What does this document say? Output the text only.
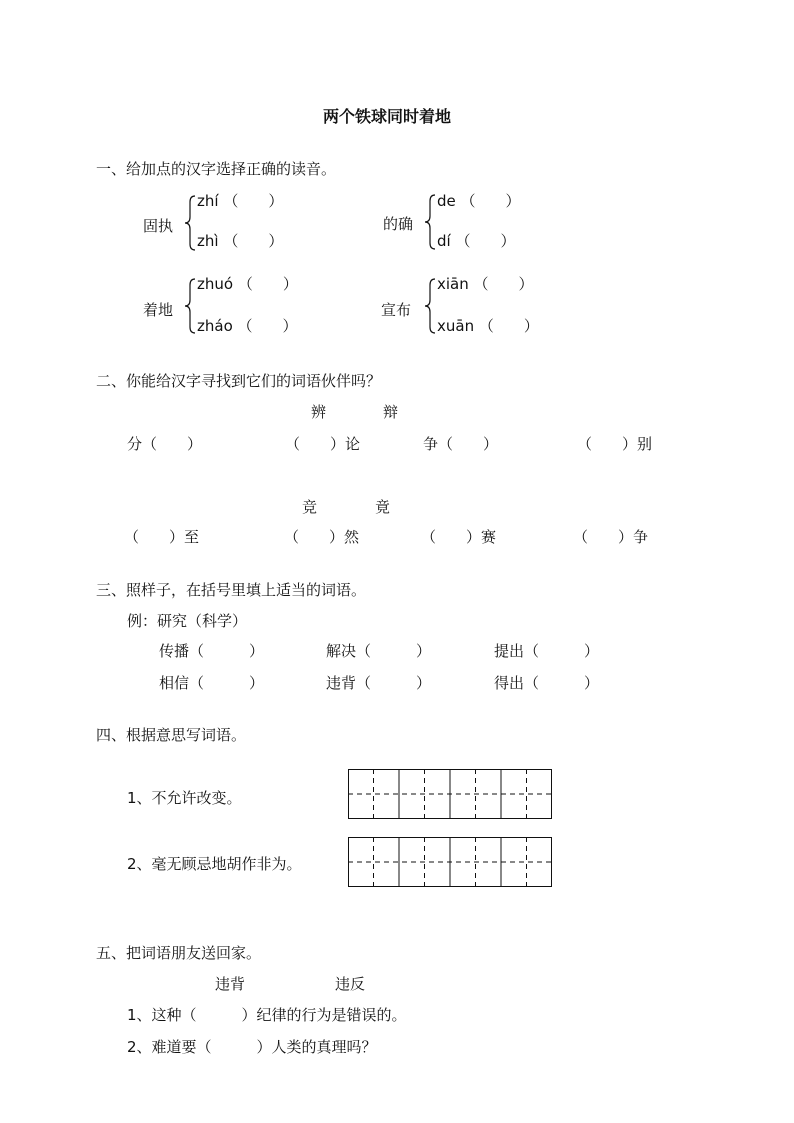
两个铁球同时着地
一、给加点的汉字选择正确的读音。
固执
zhí （　　）
zhì （　　）
的确
de （　　）
dí （　　）
着地
zhuó （　　）
zháo （　　）
宣布
xiān （　　）
xuān （　　）
二、你能给汉字寻找到它们的词语伙伴吗？
辨	辩
分（　　）	（　　）论	争（　　）	（　　）别
竞	竟
（　　）至	（　　）然	（　　）赛	（　　）争
三、照样子，在括号里填上适当的词语。
例：研究（科学）
传播（　　　）	解决（　　　）	提出（　　　）
相信（　　　）	违背（　　　）	得出（　　　）
四、根据意思写词语。
1、不允许改变。
2、毫无顾忌地胡作非为。
五、把词语朋友送回家。
违背	违反
1、这种（　　　）纪律的行为是错误的。
2、难道要（　　　）人类的真理吗？
